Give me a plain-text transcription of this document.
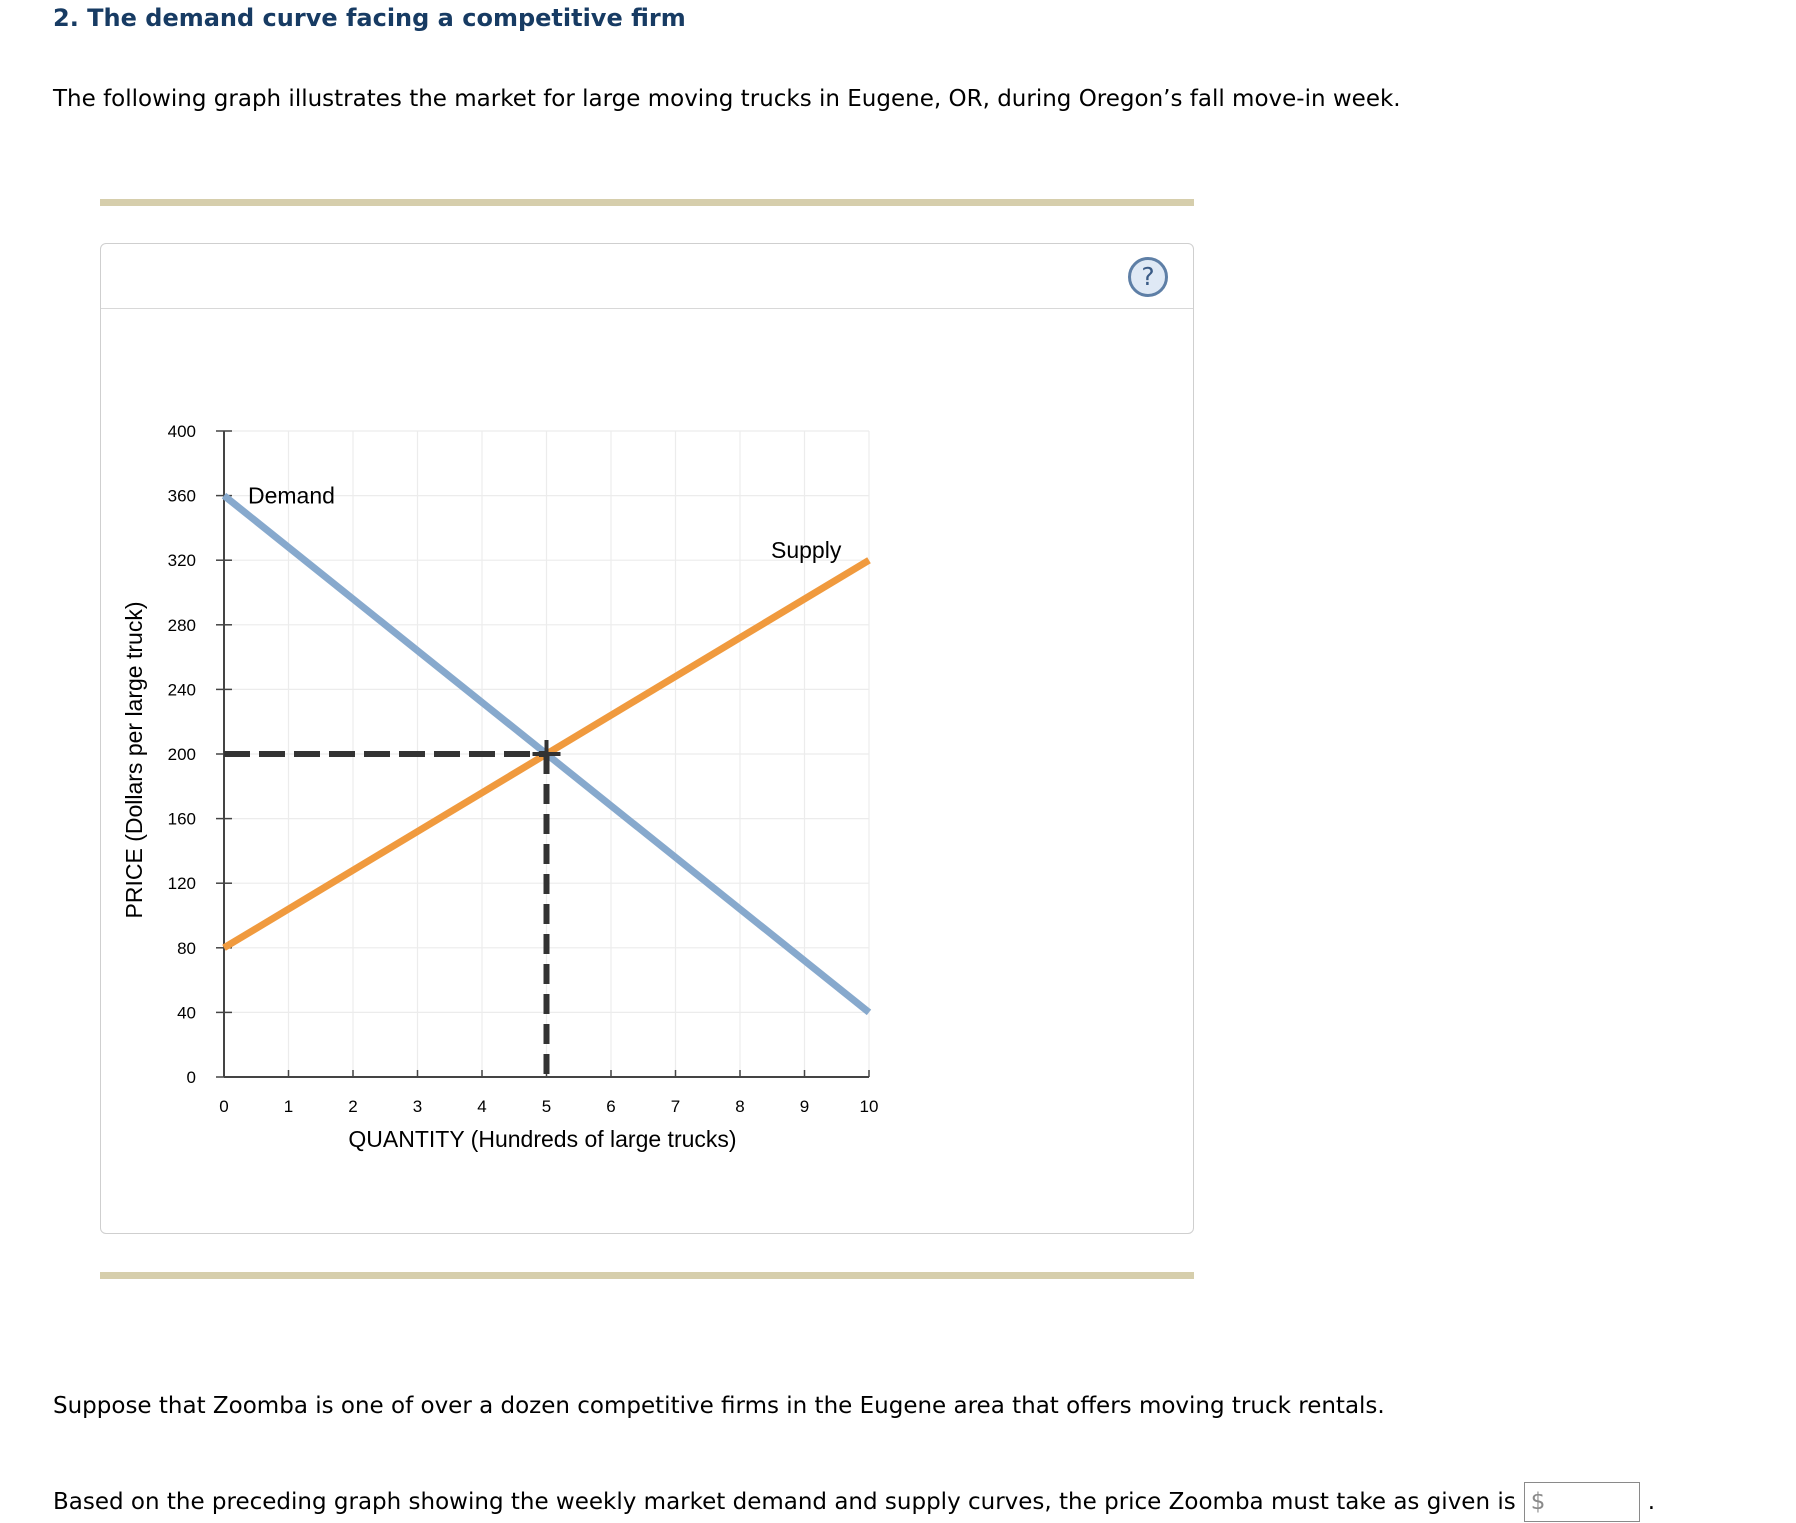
2. The demand curve facing a competitive firm
The following graph illustrates the market for large moving trucks in Eugene, OR, during Oregon’s fall move-in week.
?
0	1	2	3	4	5	6	7	8	9	10
0
40
80
120
160
200
240
280
320
360
400
QUANTITY (Hundreds of large trucks)
PRICE (Dollars per large truck)
Demand
Supply
Suppose that Zoomba is one of over a dozen competitive firms in the Eugene area that offers moving truck rentals.
Based on the preceding graph showing the weekly market demand and supply curves, the price Zoomba must take as given is $	.
